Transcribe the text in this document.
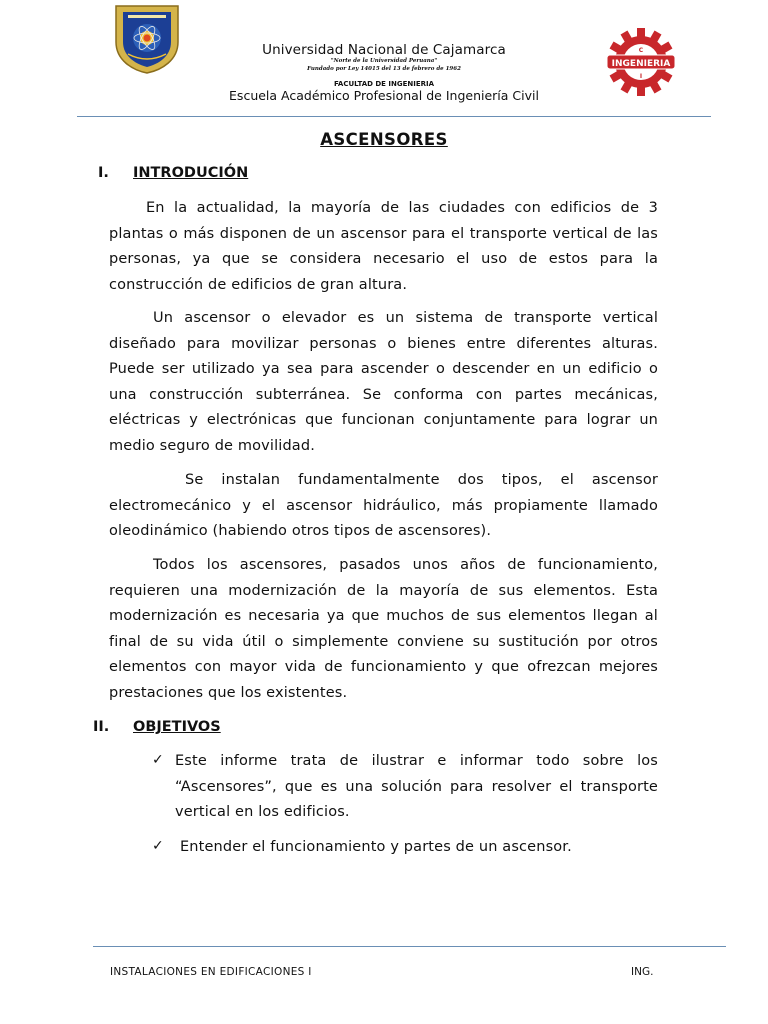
INGENIERIA
C
I
Universidad Nacional de Cajamarca
"Norte de la Universidad Peruana"
Fundado por Ley 14015 del 13 de febrero de 1962
FACULTAD DE INGENIERIA
Escuela Académico Profesional de Ingeniería Civil
ASCENSORES
I. INTRODUCIÓN

En la actualidad, la mayoría de las ciudades con edificios de 3 plantas o más disponen de un ascensor para el transporte vertical de las personas, ya que se considera necesario el uso de estos para la construcción de edificios de gran altura.

Un ascensor o elevador es un sistema de transporte vertical diseñado para movilizar personas o bienes entre diferentes alturas. Puede ser utilizado ya sea para ascender o descender en un edificio o una construcción subterránea. Se conforma con partes mecánicas, eléctricas y electrónicas que funcionan conjuntamente para lograr un medio seguro de movilidad.

Se instalan fundamentalmente dos tipos, el ascensor electromecánico y el ascensor hidráulico, más propiamente llamado oleodinámico (habiendo otros tipos de ascensores).

Todos los ascensores, pasados unos años de funcionamiento, requieren una modernización de la mayoría de sus elementos. Esta modernización es necesaria ya que muchos de sus elementos llegan al final de su vida útil o simplemente conviene su sustitución por otros elementos con mayor vida de funcionamiento y que ofrezcan mejores prestaciones que los existentes.

II. OBJETIVOS
✓ Este informe trata de ilustrar e informar todo sobre los “Ascensores”, que es una solución para resolver el transporte vertical en los edificios.

✓	Entender el funcionamiento y partes de un ascensor.

INSTALACIONES EN EDIFICACIONES I	ING.
